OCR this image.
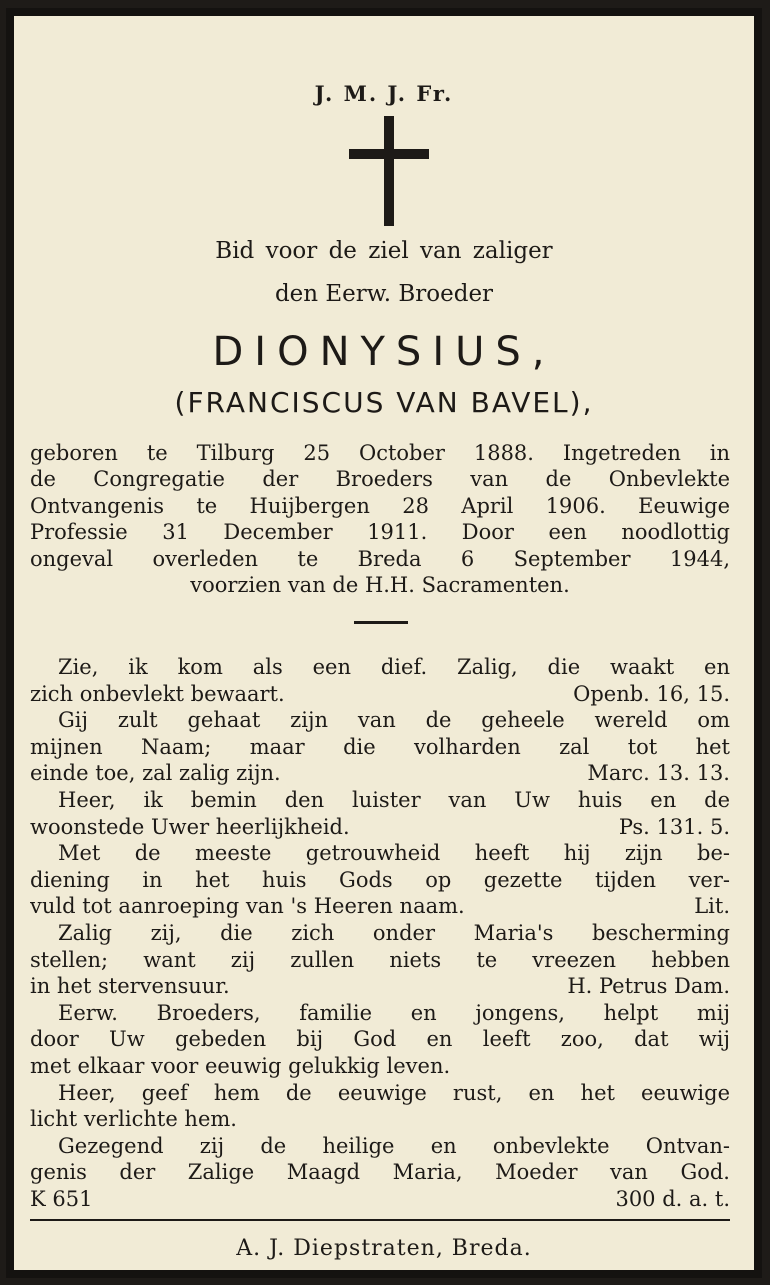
J. M. J. Fr.

Bid voor de ziel van zaliger

den Eerw. Broeder

DIONYSIUS,

(FRANCISCUS VAN BAVEL),

geboren te Tilburg 25 October 1888. Ingetreden in
de Congregatie der Broeders van de Onbevlekte
Ontvangenis te Huijbergen 28 April 1906. Eeuwige
Professie 31 December 1911. Door een noodlottig
ongeval overleden te Breda 6 September 1944,
voorzien van de H.H. Sacramenten.
Zie, ik kom als een dief. Zalig, die waakt en
zich onbevlekt bewaart.	Openb. 16, 15.
Gij zult gehaat zijn van de geheele wereld om
mijnen Naam; maar die volharden zal tot het
einde toe, zal zalig zijn.	Marc. 13. 13.
Heer, ik bemin den luister van Uw huis en de
woonstede Uwer heerlijkheid.	Ps. 131. 5.
Met de meeste getrouwheid heeft hij zijn be-
diening in het huis Gods op gezette tijden ver-
vuld tot aanroeping van 's Heeren naam.	Lit.
Zalig zij, die zich onder Maria's bescherming
stellen; want zij zullen niets te vreezen hebben
in het stervensuur.	H. Petrus Dam.
Eerw. Broeders, familie en jongens, helpt mij
door Uw gebeden bij God en leeft zoo, dat wij
met elkaar voor eeuwig gelukkig leven.
Heer, geef hem de eeuwige rust, en het eeuwige
licht verlichte hem.
Gezegend zij de heilige en onbevlekte Ontvan-
genis der Zalige Maagd Maria, Moeder van God.
K 651	300 d. a. t.

A. J. Diepstraten, Breda.
